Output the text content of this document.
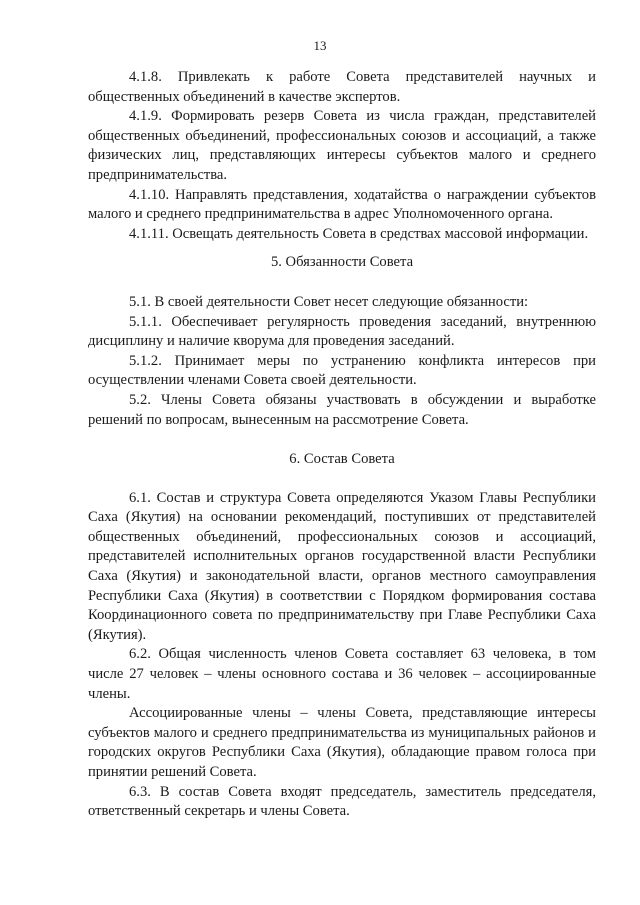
13

4.1.8. Привлекать к работе Совета представителей научных и общественных объединений в качестве экспертов.

4.1.9. Формировать резерв Совета из числа граждан, представителей общественных объединений, профессиональных союзов и ассоциаций, а также физических лиц, представляющих интересы субъектов малого и среднего предпринимательства.

4.1.10. Направлять представления, ходатайства о награждении субъектов малого и среднего предпринимательства в адрес Уполномоченного органа.

4.1.11. Освещать деятельность Совета в средствах массовой информации.

5. Обязанности Совета

5.1. В своей деятельности Совет несет следующие обязанности:

5.1.1. Обеспечивает регулярность проведения заседаний, внутреннюю дисциплину и наличие кворума для проведения заседаний.

5.1.2. Принимает меры по устранению конфликта интересов при осуществлении членами Совета своей деятельности.

5.2. Члены Совета обязаны участвовать в обсуждении и выработке решений по вопросам, вынесенным на рассмотрение Совета.

6. Состав Совета

6.1. Состав и структура Совета определяются Указом Главы Республики Саха (Якутия) на основании рекомендаций, поступивших от представителей общественных объединений, профессиональных союзов и ассоциаций, представителей исполнительных органов государственной власти Республики Саха (Якутия) и законодательной власти, органов местного самоуправления Республики Саха (Якутия) в соответствии с Порядком формирования состава Координационного совета по предпринимательству при Главе Республики Саха (Якутия).

6.2. Общая численность членов Совета составляет 63 человека, в том числе 27 человек – члены основного состава и 36 человек – ассоциированные члены.

Ассоциированные члены – члены Совета, представляющие интересы субъектов малого и среднего предпринимательства из муниципальных районов и городских округов Республики Саха (Якутия), обладающие правом голоса при принятии решений Совета.

6.3. В состав Совета входят председатель, заместитель председателя, ответственный секретарь и члены Совета.
